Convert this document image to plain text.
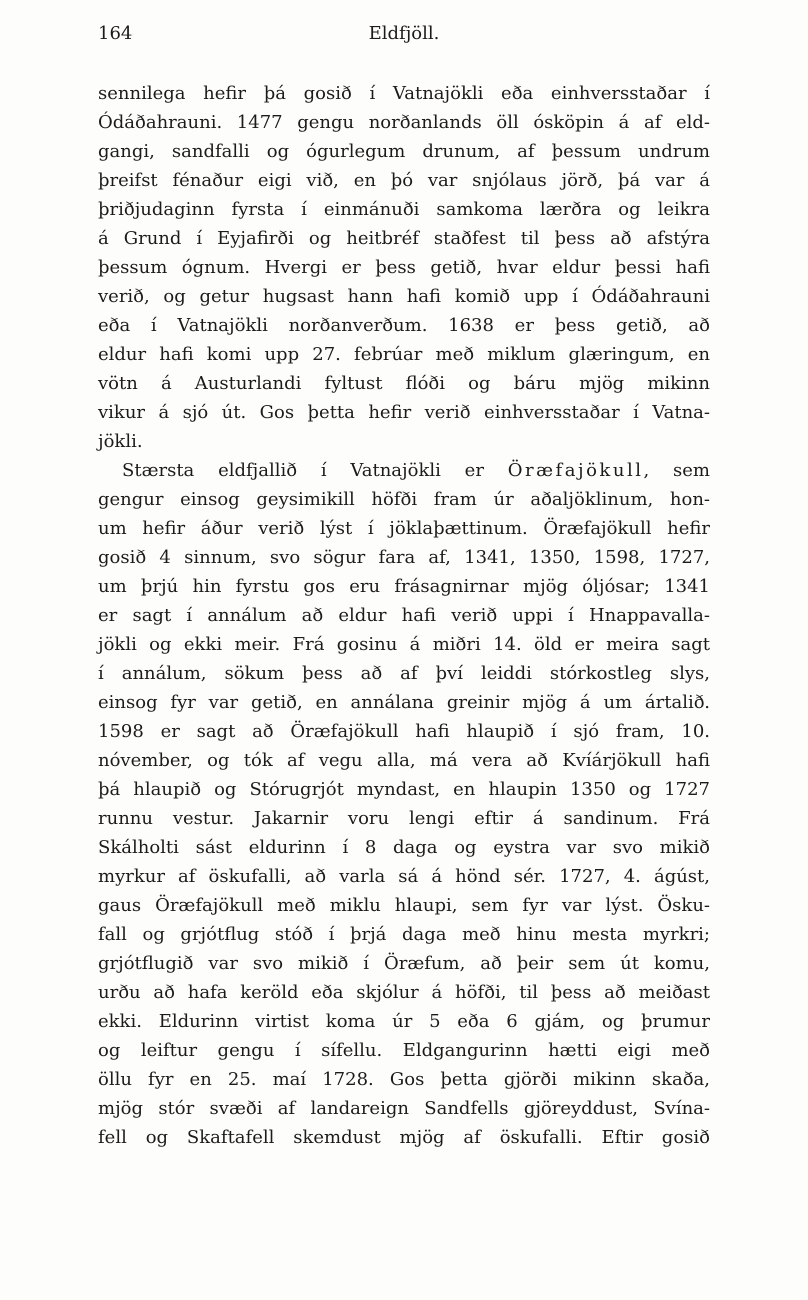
164	Eldfjöll.
sennilega hefir þá gosið í Vatnajökli eða einhversstaðar í
Ódáðahrauni. 1477 gengu norðanlands öll ósköpin á af eld-
gangi, sandfalli og ógurlegum drunum, af þessum undrum
þreifst fénaður eigi við, en þó var snjólaus jörð, þá var á
þriðjudaginn fyrsta í einmánuði samkoma lærðra og leikra
á Grund í Eyjafirði og heitbréf staðfest til þess að afstýra
þessum ógnum. Hvergi er þess getið, hvar eldur þessi hafi
verið, og getur hugsast hann hafi komið upp í Ódáðahrauni
eða í Vatnajökli norðanverðum. 1638 er þess getið, að
eldur hafi komi upp 27. febrúar með miklum glæringum, en
vötn á Austurlandi fyltust flóði og báru mjög mikinn
vikur á sjó út. Gos þetta hefir verið einhversstaðar í Vatna-
jökli.
Stærsta eldfjallið í Vatnajökli er Öræfajökull, sem
gengur einsog geysimikill höfði fram úr aðaljöklinum, hon-
um hefir áður verið lýst í jöklaþættinum. Öræfajökull hefir
gosið 4 sinnum, svo sögur fara af, 1341, 1350, 1598, 1727,
um þrjú hin fyrstu gos eru frásagnirnar mjög óljósar; 1341
er sagt í annálum að eldur hafi verið uppi í Hnappavalla-
jökli og ekki meir. Frá gosinu á miðri 14. öld er meira sagt
í annálum, sökum þess að af því leiddi stórkostleg slys,
einsog fyr var getið, en annálana greinir mjög á um ártalið.
1598 er sagt að Öræfajökull hafi hlaupið í sjó fram, 10.
nóvember, og tók af vegu alla, má vera að Kvíárjökull hafi
þá hlaupið og Stórugrjót myndast, en hlaupin 1350 og 1727
runnu vestur. Jakarnir voru lengi eftir á sandinum. Frá
Skálholti sást eldurinn í 8 daga og eystra var svo mikið
myrkur af öskufalli, að varla sá á hönd sér. 1727, 4. ágúst,
gaus Öræfajökull með miklu hlaupi, sem fyr var lýst. Ösku-
fall og grjótflug stóð í þrjá daga með hinu mesta myrkri;
grjótflugið var svo mikið í Öræfum, að þeir sem út komu,
urðu að hafa keröld eða skjólur á höfði, til þess að meiðast
ekki. Eldurinn virtist koma úr 5 eða 6 gjám, og þrumur
og leiftur gengu í sífellu. Eldgangurinn hætti eigi með
öllu fyr en 25. maí 1728. Gos þetta gjörði mikinn skaða,
mjög stór svæði af landareign Sandfells gjöreyddust, Svína-
fell og Skaftafell skemdust mjög af öskufalli. Eftir gosið
